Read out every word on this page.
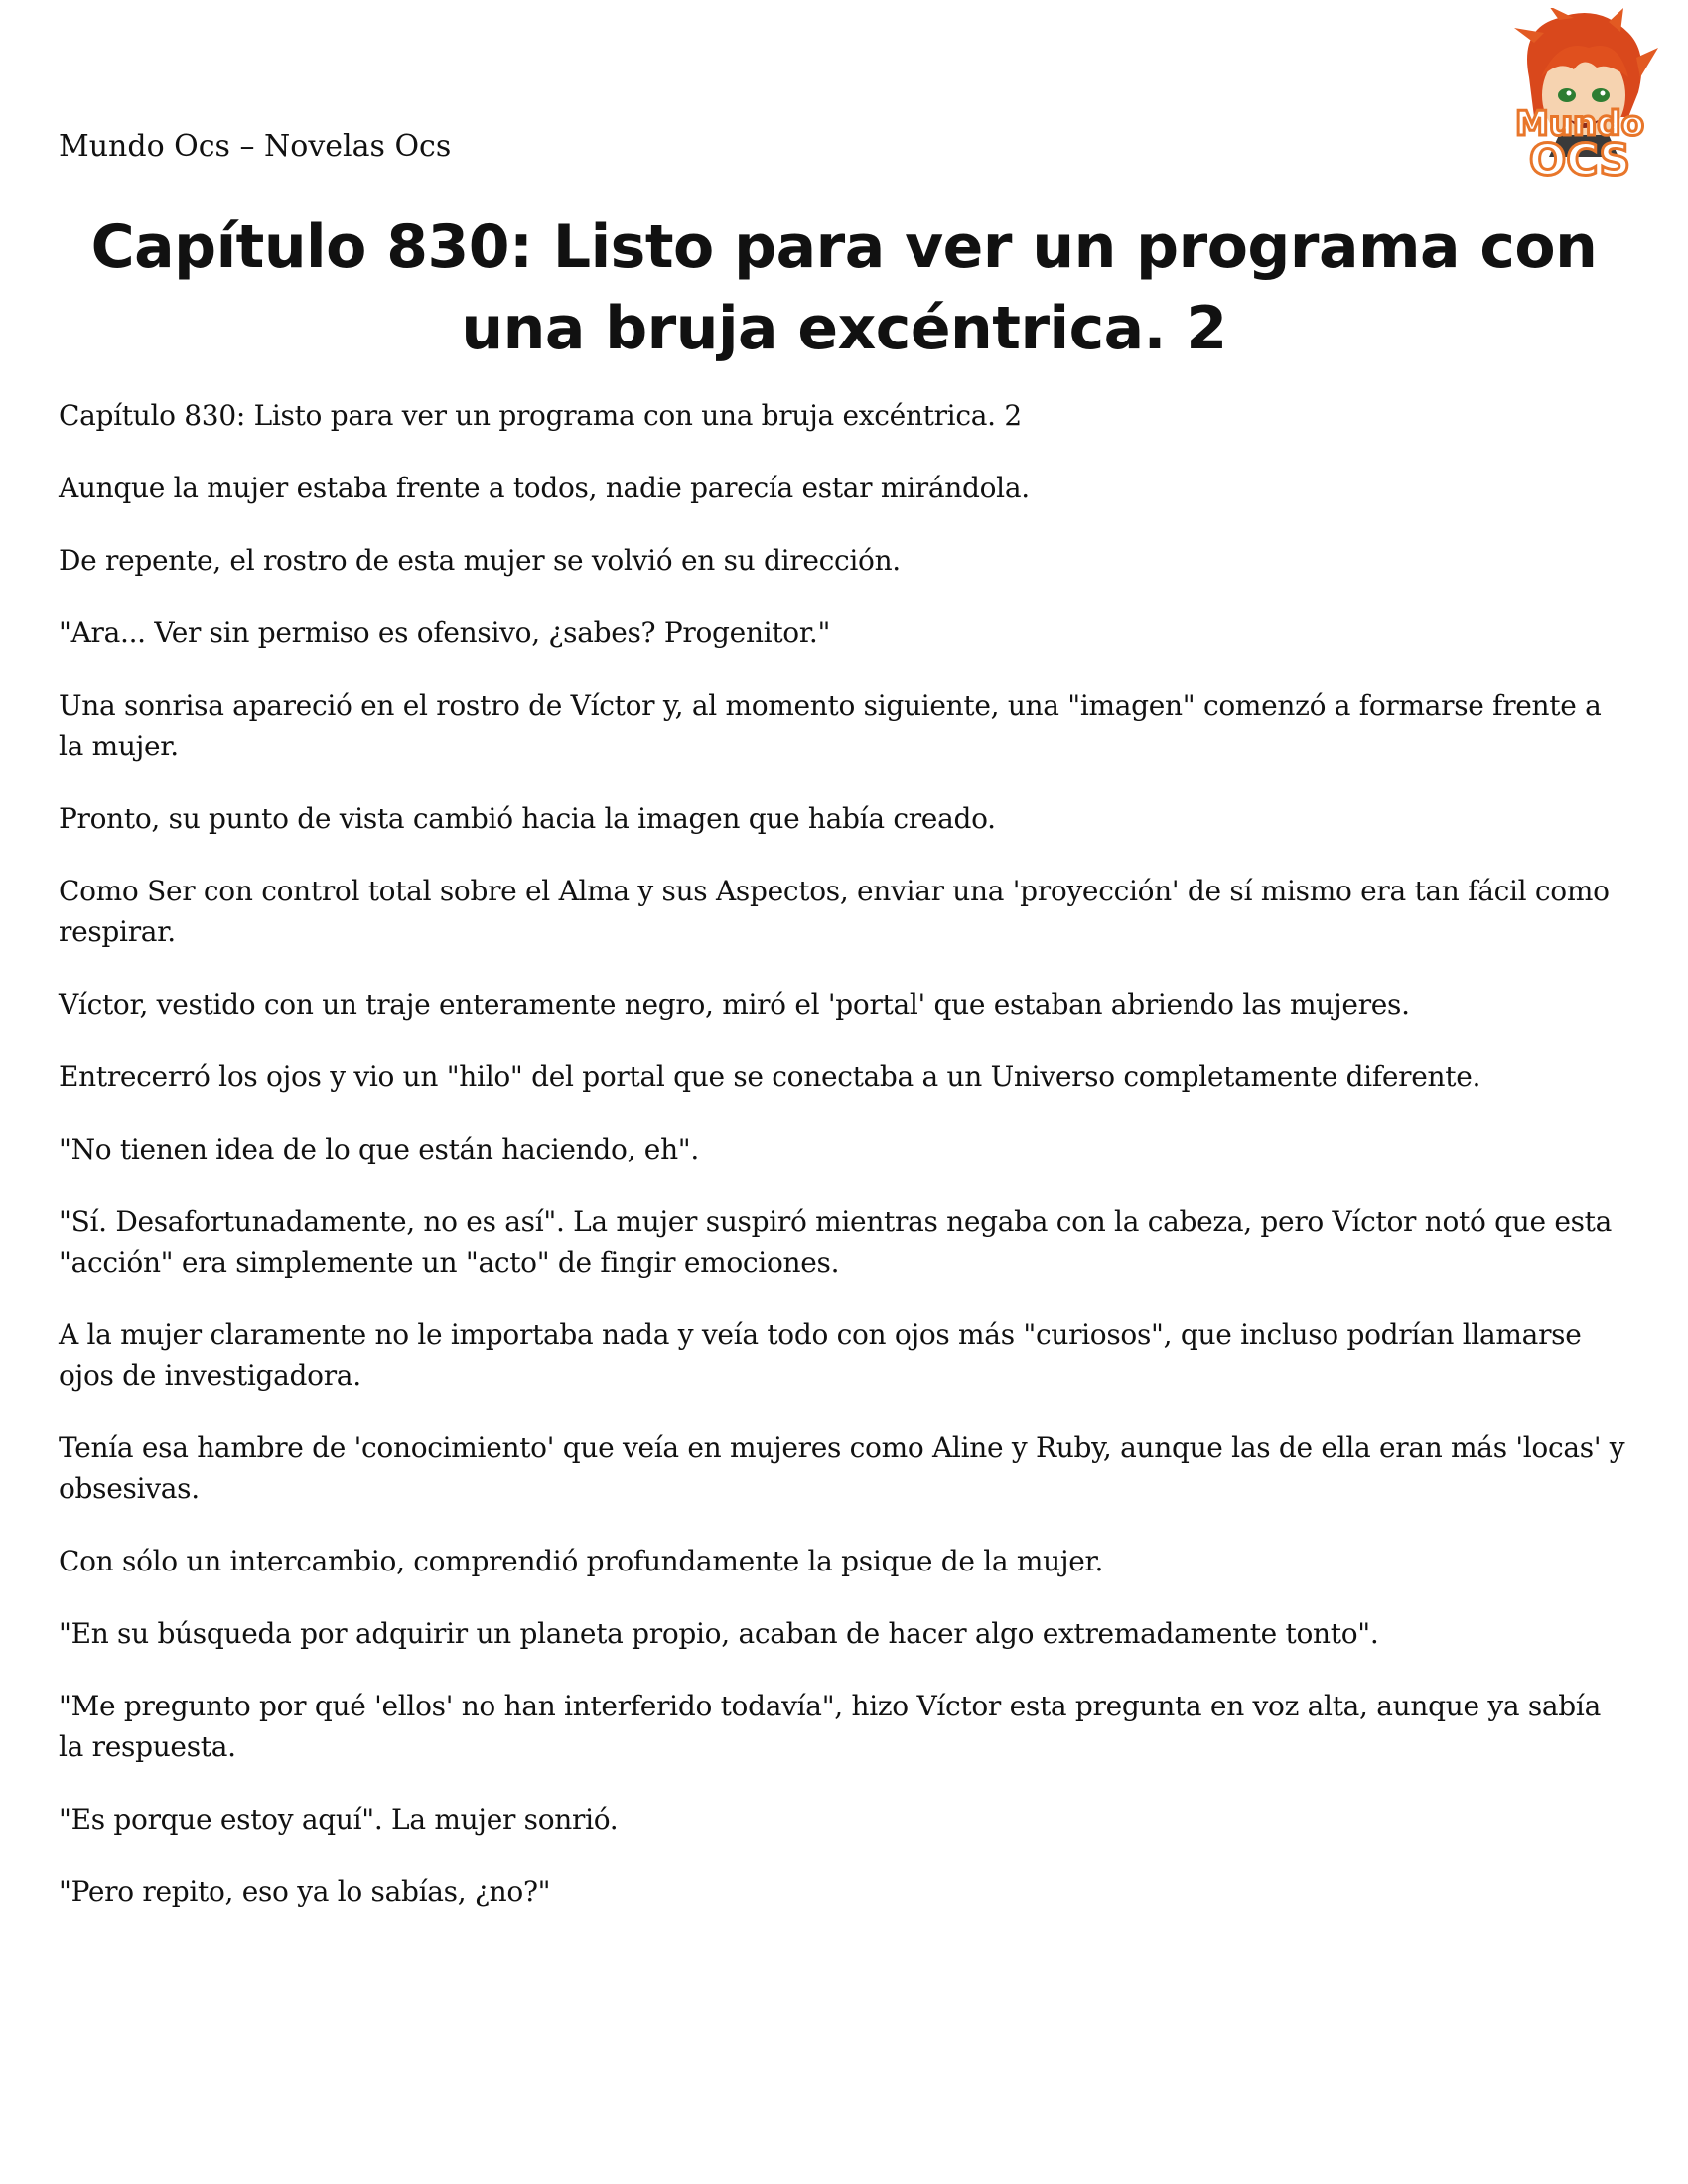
Mundo Ocs – Novelas Ocs
Mundo
OCS
Capítulo 830: Listo para ver un programa con una bruja excéntrica. 2

Capítulo 830: Listo para ver un programa con una bruja excéntrica. 2

Aunque la mujer estaba frente a todos, nadie parecía estar mirándola.

De repente, el rostro de esta mujer se volvió en su dirección.

"Ara... Ver sin permiso es ofensivo, ¿sabes? Progenitor."

Una sonrisa apareció en el rostro de Víctor y, al momento siguiente, una "imagen" comenzó a formarse frente a la mujer.

Pronto, su punto de vista cambió hacia la imagen que había creado.

Como Ser con control total sobre el Alma y sus Aspectos, enviar una 'proyección' de sí mismo era tan fácil como respirar.

Víctor, vestido con un traje enteramente negro, miró el 'portal' que estaban abriendo las mujeres.

Entrecerró los ojos y vio un "hilo" del portal que se conectaba a un Universo completamente diferente.

"No tienen idea de lo que están haciendo, eh".

"Sí. Desafortunadamente, no es así". La mujer suspiró mientras negaba con la cabeza, pero Víctor notó que esta "acción" era simplemente un "acto" de fingir emociones.

A la mujer claramente no le importaba nada y veía todo con ojos más "curiosos", que incluso podrían llamarse ojos de investigadora.

Tenía esa hambre de 'conocimiento' que veía en mujeres como Aline y Ruby, aunque las de ella eran más 'locas' y obsesivas.

Con sólo un intercambio, comprendió profundamente la psique de la mujer.

"En su búsqueda por adquirir un planeta propio, acaban de hacer algo extremadamente tonto".

"Me pregunto por qué 'ellos' no han interferido todavía", hizo Víctor esta pregunta en voz alta, aunque ya sabía la respuesta.

"Es porque estoy aquí". La mujer sonrió.

"Pero repito, eso ya lo sabías, ¿no?"
